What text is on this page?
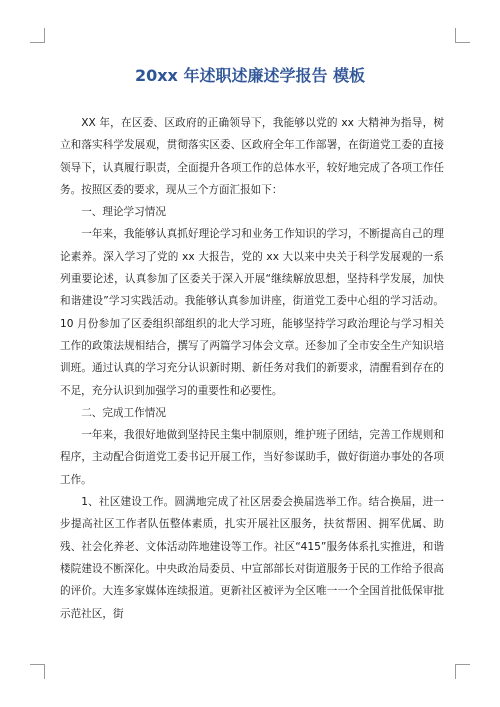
20xx 年述职述廉述学报告 模板

XX 年，在区委、区政府的正确领导下，我能够以党的 xx 大精神为指导，树立和落实科学发展观，贯彻落实区委、区政府全年工作部署，在街道党工委的直接领导下，认真履行职责，全面提升各项工作的总体水平，较好地完成了各项工作任务。按照区委的要求，现从三个方面汇报如下：

一、理论学习情况

一年来，我能够认真抓好理论学习和业务工作知识的学习，不断提高自己的理论素养。深入学习了党的 xx 大报告，党的 xx 大以来中央关于科学发展观的一系列重要论述，认真参加了区委关于深入开展“继续解放思想，坚持科学发展，加快和谐建设”学习实践活动。我能够认真参加讲座，街道党工委中心组的学习活动。10 月份参加了区委组织部组织的北大学习班，能够坚持学习政治理论与学习相关工作的政策法规相结合，撰写了两篇学习体会文章。还参加了全市安全生产知识培训班。通过认真的学习充分认识新时期、新任务对我们的新要求，清醒看到存在的不足，充分认识到加强学习的重要性和必要性。

二、完成工作情况

一年来，我很好地做到坚持民主集中制原则，维护班子团结，完善工作规则和程序，主动配合街道党工委书记开展工作，当好参谋助手，做好街道办事处的各项工作。

1、社区建设工作。圆满地完成了社区居委会换届选举工作。结合换届，进一步提高社区工作者队伍整体素质，扎实开展社区服务，扶贫帮困、拥军优属、助残、社会化养老、文体活动阵地建设等工作。社区“415”服务体系扎实推进，和谐楼院建设不断深化。中央政治局委员、中宣部部长对街道服务于民的工作给予很高的评价。大连多家媒体连续报道。更新社区被评为全区唯一一个全国首批低保审批示范社区，街
